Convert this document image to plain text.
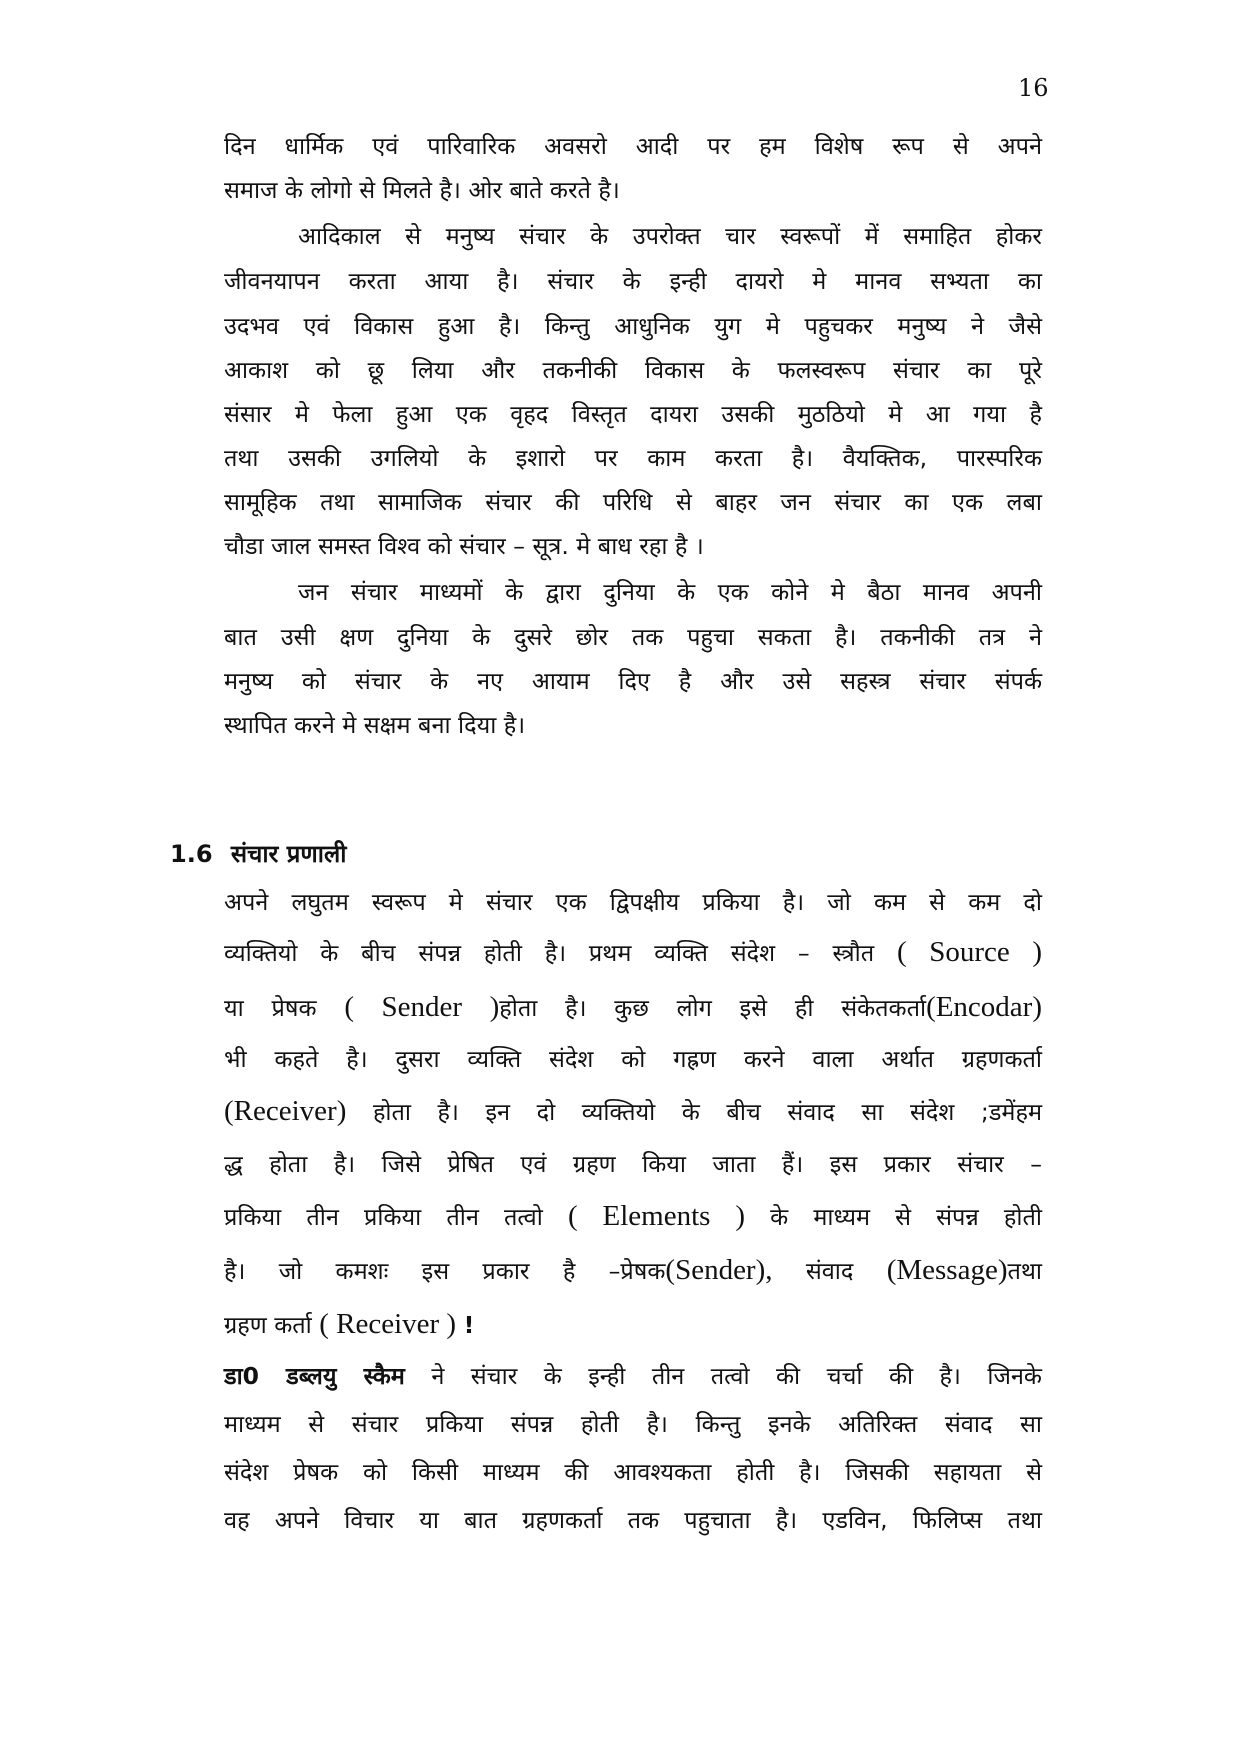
16
दिन धार्मिक एवं पारिवारिक अवसरो आदी पर हम विशेष रूप से अपने
समाज के लोगो से मिलते है। ओर बाते करते है।
आदिकाल से मनुष्य संचार के उपरोक्त चार स्वरूपों में समाहित होकर
जीवनयापन करता आया है। संचार के इन्ही दायरो मे मानव सभ्यता का
उदभव एवं विकास हुआ है। किन्तु आधुनिक युग मे पहुचकर मनुष्य ने जैसे
आकाश को छू लिया और तकनीकी विकास के फलस्वरूप संचार का पूरे
संसार मे फेला हुआ एक वृहद विस्तृत दायरा उसकी मुठठियो मे आ गया है
तथा उसकी उगलियो के इशारो पर काम करता है। वैयक्तिक, पारस्परिक
सामूहिक तथा सामाजिक संचार की परिधि से बाहर जन संचार का एक लबा
चौडा जाल समस्त विश्व को संचार – सूत्र. मे बाध रहा है ।
जन संचार माध्यमों के द्वारा दुनिया के एक कोने मे बैठा मानव अपनी
बात उसी क्षण दुनिया के दुसरे छोर तक पहुचा सकता है। तकनीकी तत्र ने
मनुष्य को संचार के नए आयाम दिए है और उसे सहस्त्र संचार संपर्क
स्थापित करने मे सक्षम बना दिया है।
1.6 संचार प्रणाली
अपने लघुतम स्वरूप मे संचार एक द्विपक्षीय प्रकिया है। जो कम से कम दो
व्यक्तियो के बीच संपन्न होती है। प्रथम व्यक्ति संदेश – स्त्रौत ( Source )
या प्रेषक ( Sender )होता है। कुछ लोग इसे ही संकेतकर्ता(Encodar)
भी कहते है। दुसरा व्यक्ति संदेश को गह्रण करने वाला अर्थात ग्रहणकर्ता
(Receiver) होता है। इन दो व्यक्तियो के बीच संवाद सा संदेश ;डमेंहम
द्ध होता है। जिसे प्रेषित एवं ग्रहण किया जाता हैं। इस प्रकार संचार –
प्रकिया तीन प्रकिया तीन तत्वो ( Elements ) के माध्यम से संपन्न होती
है। जो कमशः इस प्रकार है –प्रेषक(Sender), संवाद (Message)तथा
ग्रहण कर्ता ( Receiver ) !
डा0 डब्लयु स्कैम ने संचार के इन्ही तीन तत्वो की चर्चा की है। जिनके
माध्यम से संचार प्रकिया संपन्न होती है। किन्तु इनके अतिरिक्त संवाद सा
संदेश प्रेषक को किसी माध्यम की आवश्यकता होती है। जिसकी सहायता से
वह अपने विचार या बात ग्रहणकर्ता तक पहुचाता है। एडविन, फिलिप्स तथा
